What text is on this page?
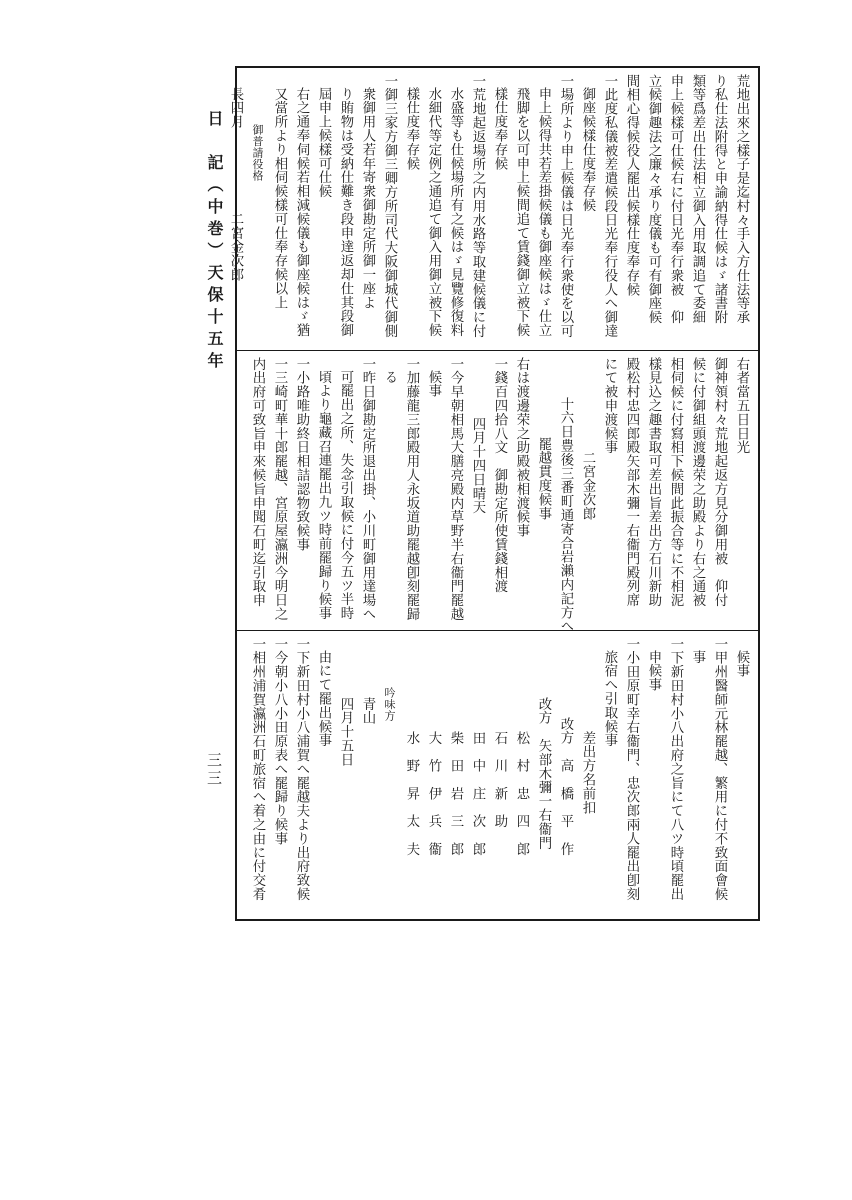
日　記（中巻）天保十五年
三三
荒地出來之樣子是迄村々手入方仕法等承
り私仕法附得と申諭納得仕候はゞ諸書附
類等爲差出仕法相立御入用取調追て委細
申上候樣可仕候右に付日光奉行衆被　仰
立候御趣法之廉々承り度儀も可有御座候
間相心得候役人罷出候樣仕度奉存候
一此度私儀被差遣候段日光奉行役人へ御達
御座候樣仕度奉存候
一場所より申上候儀は日光奉行衆使を以可
申上候得共若差掛候儀も御座候はゞ仕立
飛脚を以可申上候間追て賃錢御立被下候
樣仕度奉存候
一荒地起返場所之内用水路等取建候儀に付
水盛等も仕候場所有之候はゞ見覽修復料
水細代等定例之通追て御入用御立被下候
樣仕度奉存候
一御三家方御三卿方所司代大阪御城代御側
衆御用人若年寄衆御勘定所御一座よ
り賄物は受納仕難き段申達返却仕其段御
屆申上候樣可仕候
右之通奉伺候若相減候儀も御座候はゞ猶
又當所より相伺候樣可仕奉存候以上
御普請役格
長四月　　　　　　二宮金次郎
右者當五日日光
御神領村々荒地起返方見分御用被　仰付
候に付御組頭渡邊荣之助殿より右之通被
相伺候に付寫相下候間此振合等に不相泥
樣見込之趣書取可差出旨差出方石川新助
殿松村忠四郎殿矢部木彌一右衞門殿列席
にて被申渡候事
二宮金次郎
十六日豊後三番町通寄合岩瀨内記方へ
罷越貫度候事
右は渡邊荣之助殿被相渡候事
一錢百四拾八文　御勘定所使賃錢相渡
四月十四日晴天
一今早朝相馬大膳亮殿内草野半右衞門罷越
候事
一加藤龍三郎殿用人永坂道助罷越卽刻罷歸
る
一昨日御勘定所退出掛、小川町御用達場へ
可罷出之所、失念引取候に付今五ツ半時
頃より龜藏召連罷出九ツ時前罷歸り候事
一小路唯助終日相詰認物致候事
一三崎町華十郎罷越、宮原屋瀛洲今明日之
内出府可致旨申來候旨申聞石町迄引取申
候事
一甲州醫師元林罷越、繁用に付不致面會候
事
一下新田村小八出府之旨にて八ツ時頃罷出
申候事
一小田原町幸右衞門、忠次郎兩人罷出卽刻
旅宿へ引取候事
差出方名前扣
改方　高　橋　平　作
改方　矢部木彌一右衞門
松　村　忠　四　郎
石　川　新　助
田　中　庄　次　郎
柴　田　岩　三　郎
大　竹　伊　兵　衞
水　野　昇　太　夫
吟味方
青山
四月十五日
由にて罷出候事
一下新田村小八浦賀へ罷越夫より出府致候
一今朝小八小田原表へ罷歸り候事
一相州浦賀瀛洲石町旅宿へ着之由に付交肴
